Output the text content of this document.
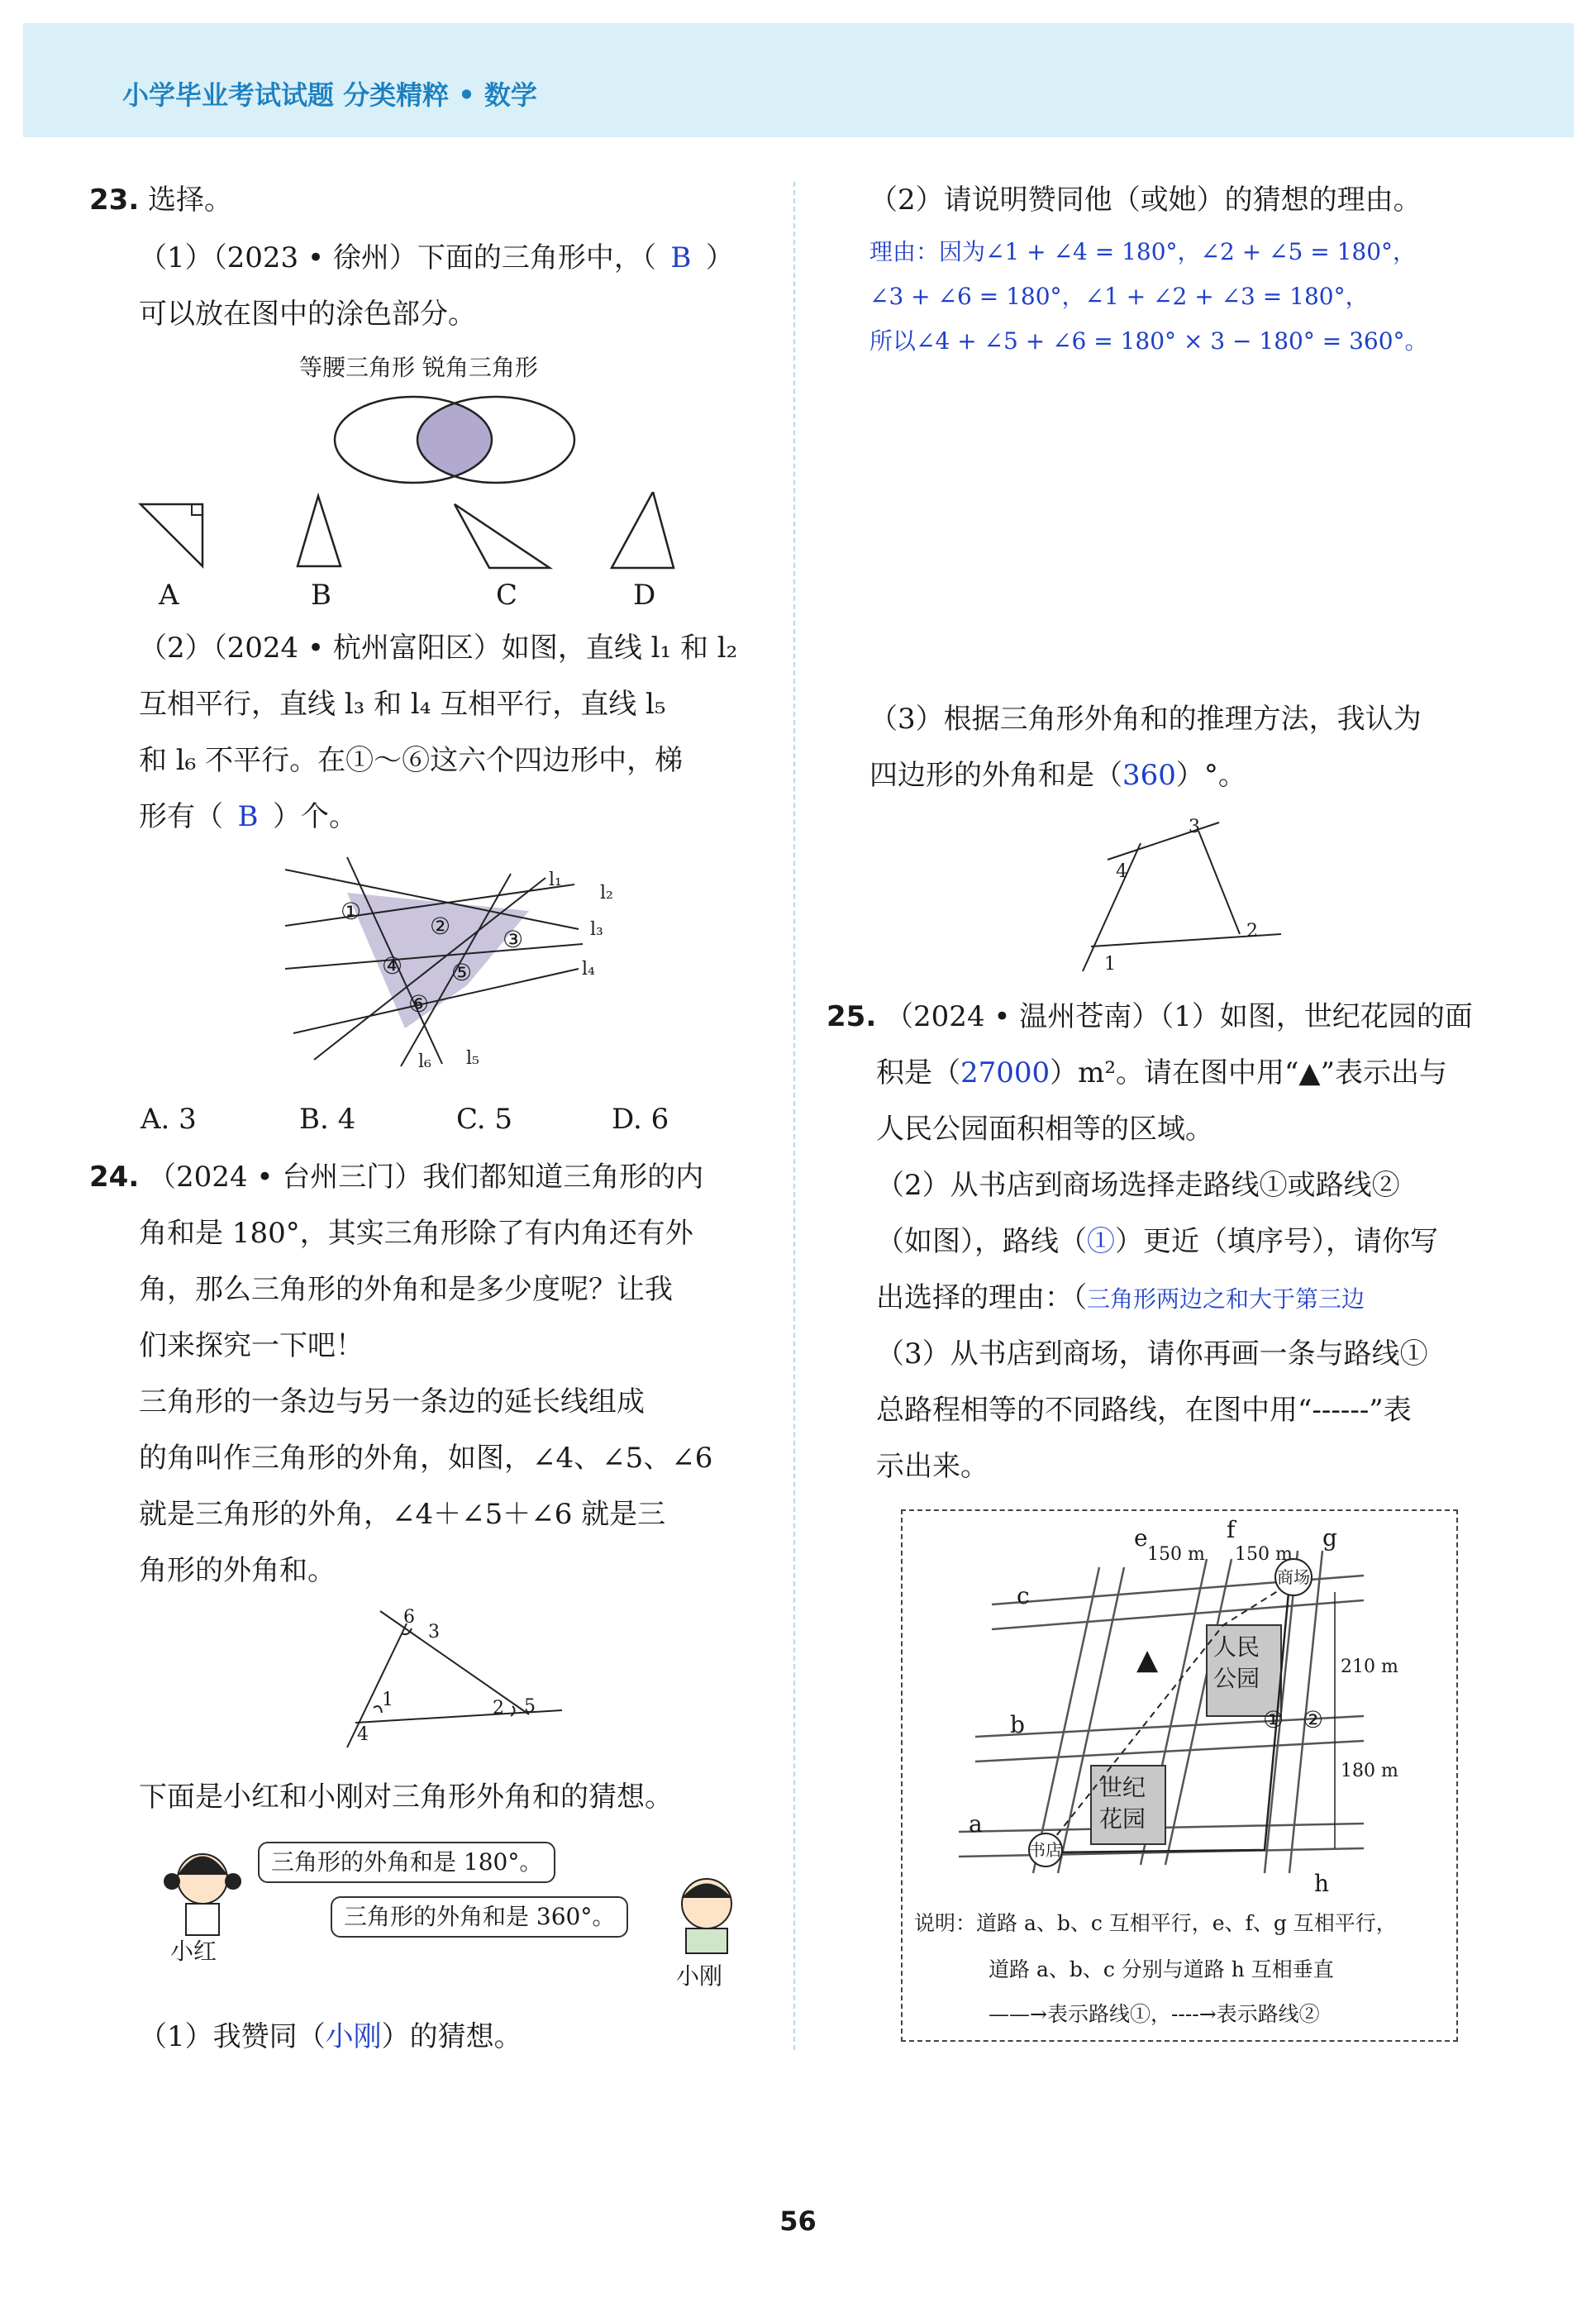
小学毕业考试试题 分类精粹 • 数学
23. 选择。
（1）（2023 • 徐州）下面的三角形中，（ B ）
可以放在图中的涂色部分。
等腰三角形 锐角三角形
A	B	C	D
（2）（2024 • 杭州富阳区）如图，直线 l₁ 和 l₂
互相平行，直线 l₃ 和 l₄ 互相平行，直线 l₅
和 l₆ 不平行。在①～⑥这六个四边形中，梯
形有（ B ）个。
①
② ③
④ ⑤
⑥
l₁
l₂
l₃
l₄
l₅
l₆
A. 3	B. 4	C. 5	D. 6
24. （2024 • 台州三门）我们都知道三角形的内
角和是 180°，其实三角形除了有内角还有外
角，那么三角形的外角和是多少度呢？让我
们来探究一下吧！
三角形的一条边与另一条边的延长线组成
的角叫作三角形的外角，如图，∠4、∠5、∠6
就是三角形的外角，∠4＋∠5＋∠6 就是三
角形的外角和。
1	2
3
4
5
6
下面是小红和小刚对三角形外角和的猜想。
小红
三角形的外角和是 180°。
三角形的外角和是 360°。
小刚
（1）我赞同（小刚）的猜想。
（2）请说明赞同他（或她）的猜想的理由。
理由：因为∠1 + ∠4 = 180°，∠2 + ∠5 = 180°，
∠3 + ∠6 = 180°，∠1 + ∠2 + ∠3 = 180°，
所以∠4 + ∠5 + ∠6 = 180° × 3 − 180° = 360°。
（3）根据三角形外角和的推理方法，我认为
四边形的外角和是（360）°。
1
2
3
4
25. （2024 • 温州苍南）（1）如图，世纪花园的面
积是（27000）m²。请在图中用“▲”表示出与
人民公园面积相等的区域。
（2）从书店到商场选择走路线①或路线②
（如图），路线（①）更近（填序号），请你写
出选择的理由：（三角形两边之和大于第三边
（3）从书店到商场，请你再画一条与路线①
总路程相等的不同路线，在图中用“------”表
示出来。
人民
公园
世纪
花园
商场
书店
▲
① ②
150 m 150 m
210 m
180 m
c
b
a
e	f	g
h
说明：道路 a、b、c 互相平行，e、f、g 互相平行，
道路 a、b、c 分别与道路 h 互相垂直
——→表示路线①，----→表示路线②
56
